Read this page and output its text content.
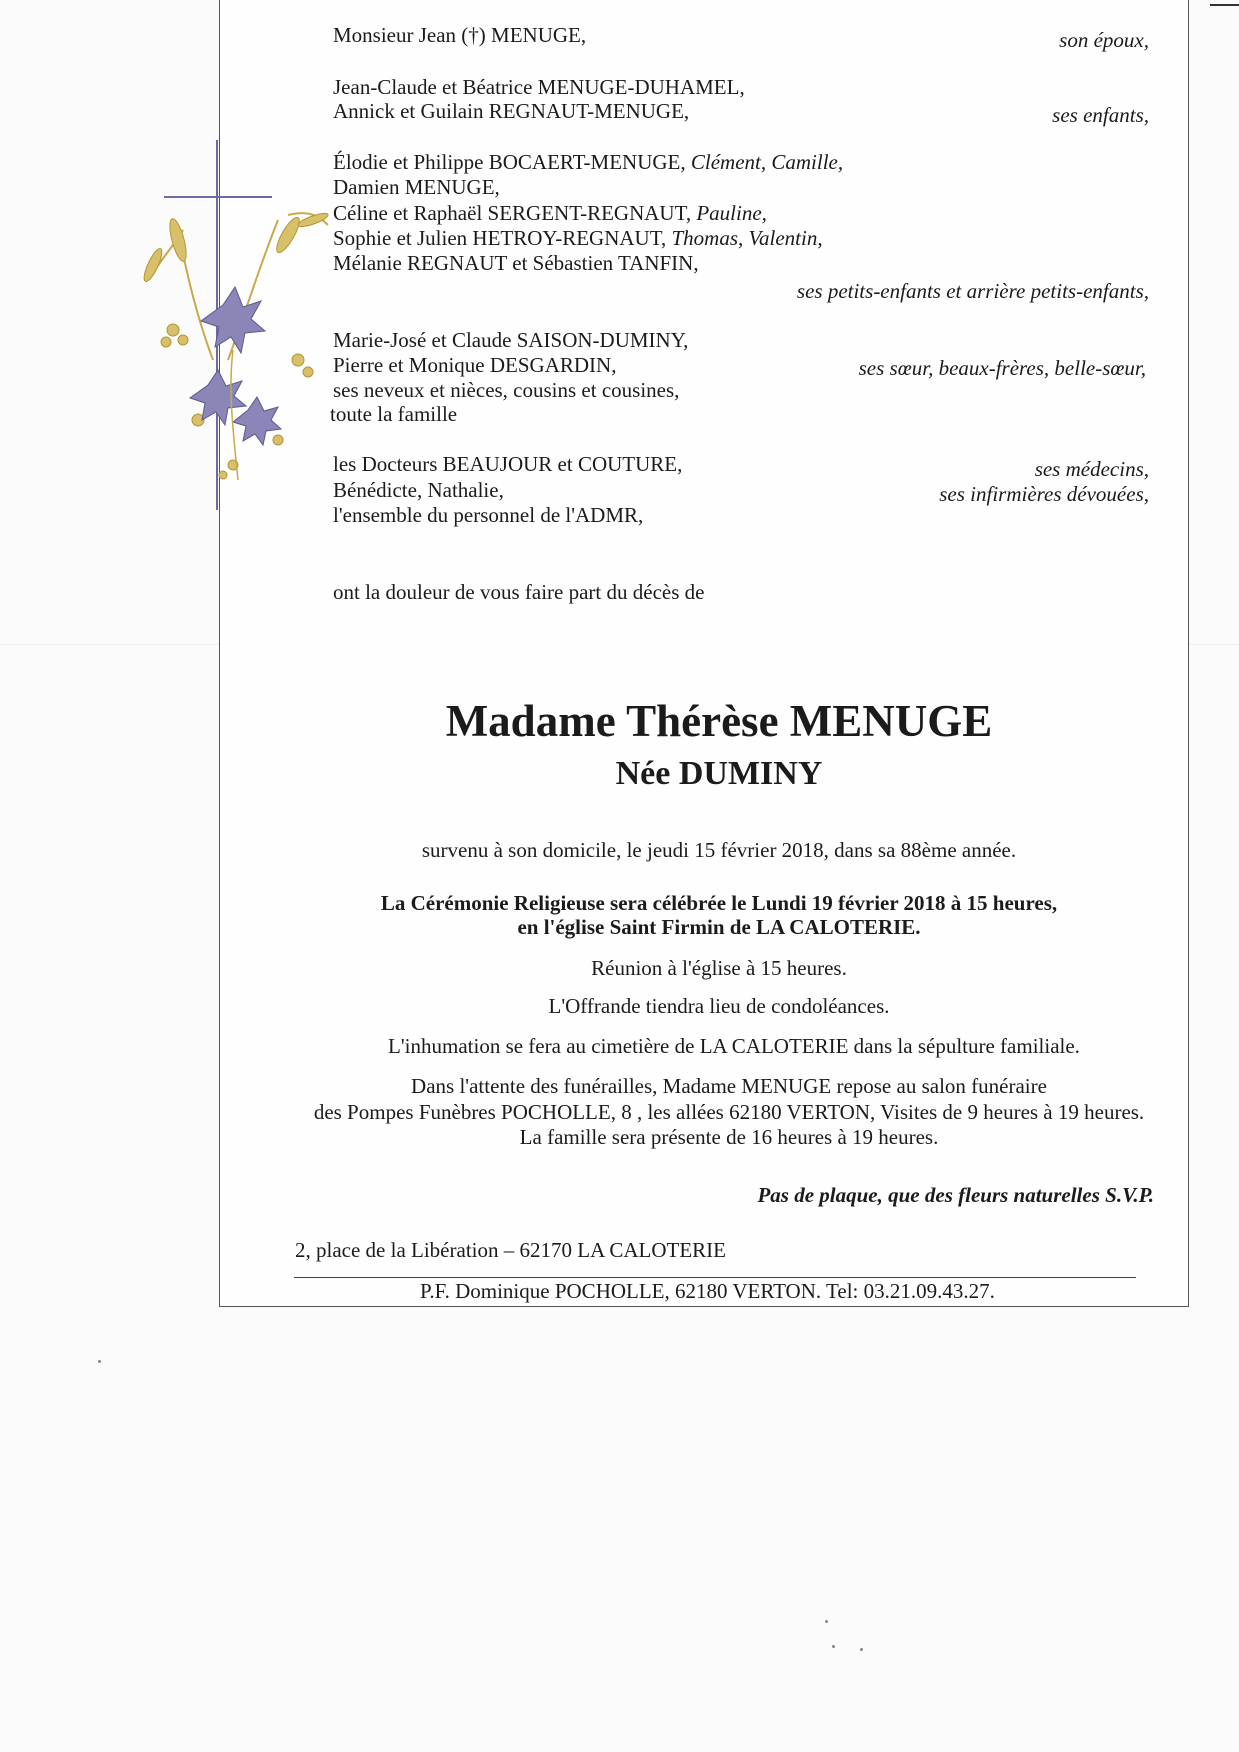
Monsieur Jean (†) MENUGE,	son époux,

Jean-Claude et Béatrice MENUGE-DUHAMEL,

Annick et Guilain REGNAUT-MENUGE,	ses enfants,

Élodie et Philippe BOCAERT-MENUGE, Clément, Camille,

Damien MENUGE,

Céline et Raphaël SERGENT-REGNAUT, Pauline,

Sophie et Julien HETROY-REGNAUT, Thomas, Valentin,

Mélanie REGNAUT et Sébastien TANFIN,

ses petits-enfants et arrière petits-enfants,

Marie-José et Claude SAISON-DUMINY,

Pierre et Monique DESGARDIN,

ses neveux et nièces, cousins et cousines,

toute la famille

ses sœur, beaux-frères, belle-sœur,

les Docteurs BEAUJOUR et COUTURE,

Bénédicte, Nathalie,

l'ensemble du personnel de l'ADMR,

ses médecins,

ses infirmières dévouées,

ont la douleur de vous faire part du décès de

Madame Thérèse MENUGE

Née DUMINY

survenu à son domicile, le jeudi 15 février 2018, dans sa 88ème année.

La Cérémonie Religieuse sera célébrée le Lundi 19 février 2018 à 15 heures,

en l'église Saint Firmin de LA CALOTERIE.

Réunion à l'église à 15 heures.

L'Offrande tiendra lieu de condoléances.

L'inhumation se fera au cimetière de LA CALOTERIE dans la sépulture familiale.

Dans l'attente des funérailles, Madame MENUGE repose au salon funéraire

des Pompes Funèbres POCHOLLE, 8 , les allées 62180 VERTON, Visites de 9 heures à 19 heures.

La famille sera présente de 16 heures à 19 heures.

Pas de plaque, que des fleurs naturelles S.V.P.

2, place de la Libération – 62170 LA CALOTERIE

P.F. Dominique POCHOLLE, 62180 VERTON. Tel: 03.21.09.43.27.
